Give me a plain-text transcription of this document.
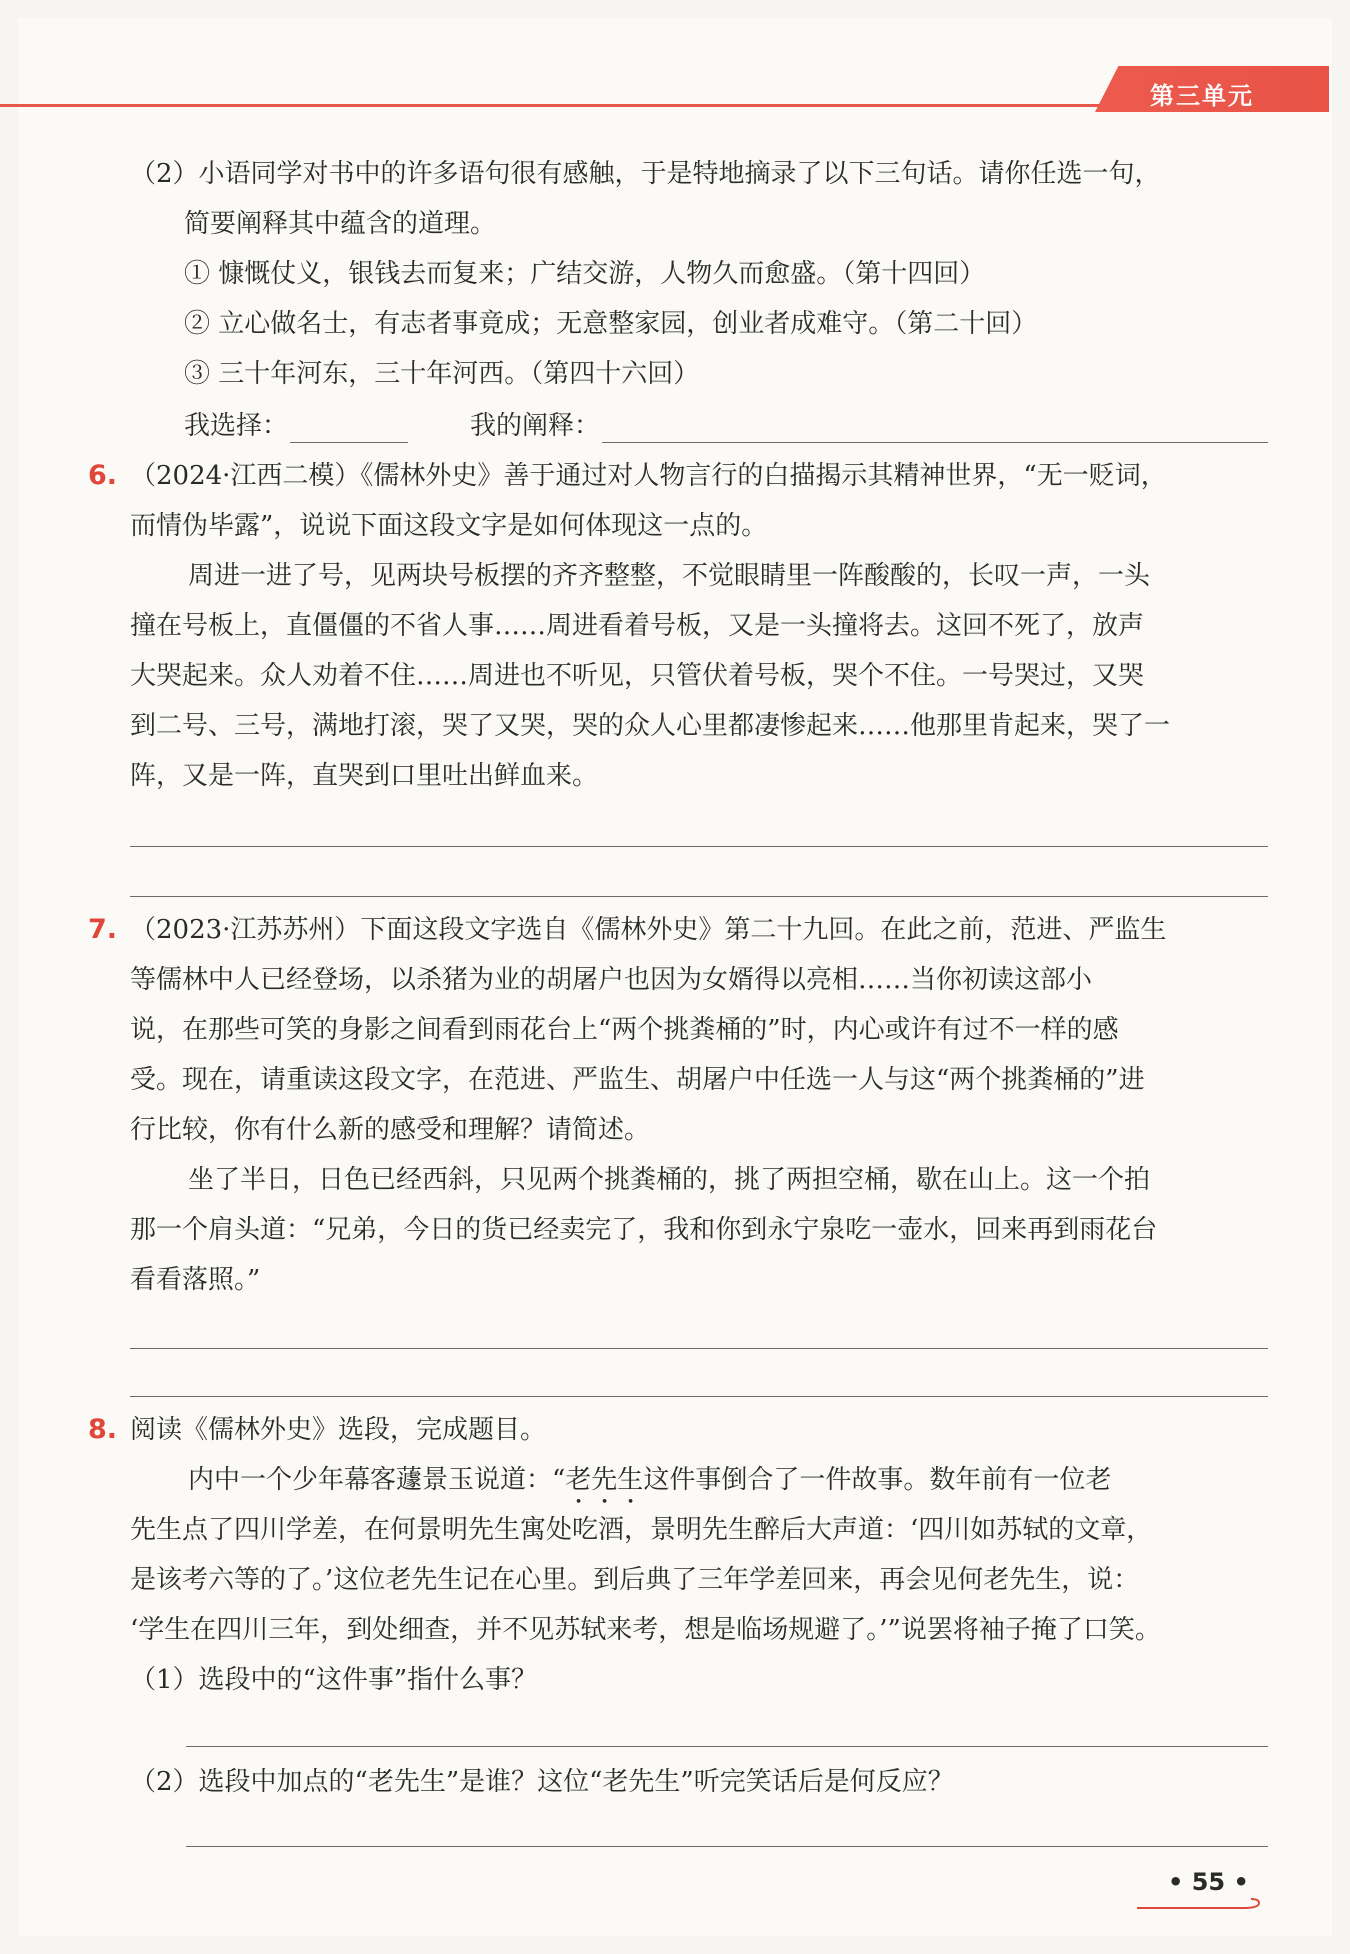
第三单元
（2）小语同学对书中的许多语句很有感触，于是特地摘录了以下三句话。请你任选一句，
简要阐释其中蕴含的道理。
① 慷慨仗义，银钱去而复来；广结交游，人物久而愈盛。（第十四回）
② 立心做名士，有志者事竟成；无意整家园，创业者成难守。（第二十回）
③ 三十年河东，三十年河西。（第四十六回）
我选择：	我的阐释：
6. （2024·江西二模）《儒林外史》善于通过对人物言行的白描揭示其精神世界，“无一贬词，
而情伪毕露”，说说下面这段文字是如何体现这一点的。
周进一进了号，见两块号板摆的齐齐整整，不觉眼睛里一阵酸酸的，长叹一声，一头
撞在号板上，直僵僵的不省人事……周进看着号板，又是一头撞将去。这回不死了，放声
大哭起来。众人劝着不住……周进也不听见，只管伏着号板，哭个不住。一号哭过，又哭
到二号、三号，满地打滚，哭了又哭，哭的众人心里都凄惨起来……他那里肯起来，哭了一
阵，又是一阵，直哭到口里吐出鲜血来。
7. （2023·江苏苏州）下面这段文字选自《儒林外史》第二十九回。在此之前，范进、严监生
等儒林中人已经登场，以杀猪为业的胡屠户也因为女婿得以亮相……当你初读这部小
说，在那些可笑的身影之间看到雨花台上“两个挑粪桶的”时，内心或许有过不一样的感
受。现在，请重读这段文字，在范进、严监生、胡屠户中任选一人与这“两个挑粪桶的”进
行比较，你有什么新的感受和理解？请简述。
坐了半日，日色已经西斜，只见两个挑粪桶的，挑了两担空桶，歇在山上。这一个拍
那一个肩头道：“兄弟，今日的货已经卖完了，我和你到永宁泉吃一壶水，回来再到雨花台
看看落照。”
8. 阅读《儒林外史》选段，完成题目。
内中一个少年幕客蘧景玉说道：“老先生这件事倒合了一件故事。数年前有一位老
先生点了四川学差，在何景明先生寓处吃酒，景明先生醉后大声道：‘四川如苏轼的文章，
是该考六等的了。’这位老先生记在心里。到后典了三年学差回来，再会见何老先生，说：
‘学生在四川三年，到处细查，并不见苏轼来考，想是临场规避了。’”说罢将袖子掩了口笑。
（1）选段中的“这件事”指什么事？
（2）选段中加点的“老先生”是谁？这位“老先生”听完笑话后是何反应？
• 55 •
